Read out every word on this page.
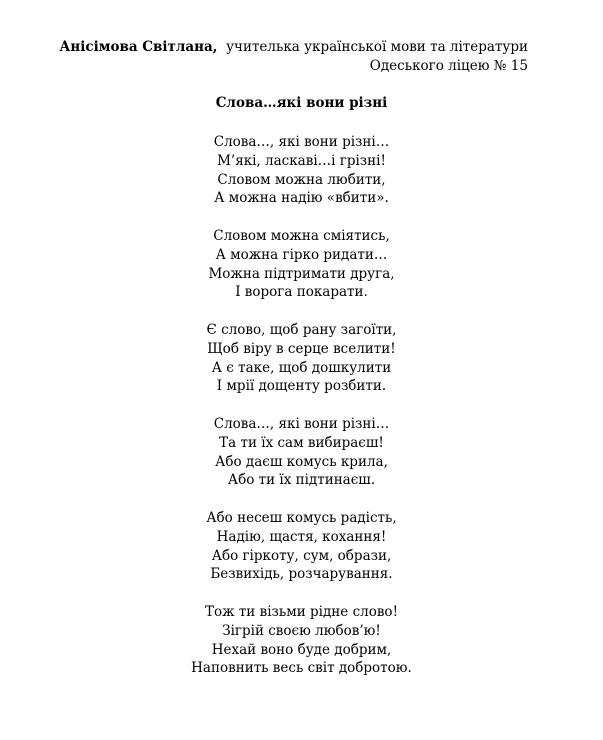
Анісімова Світлана, учителька української мови та літератури
Одеського ліцею № 15
Слова…які вони різні
Слова…, які вони різні…
М’які, ласкаві…і грізні!
Словом можна любити,
А можна надію «вбити».
Словом можна сміятись,
А можна гірко ридати…
Можна підтримати друга,
І ворога покарати.
Є слово, щоб рану загоїти,
Щоб віру в серце вселити!
А є таке, щоб дошкулити
І мрії дощенту розбити.
Слова…, які вони різні…
Та ти їх сам вибираєш!
Або даєш комусь крила,
Або ти їх підтинаєш.
Або несеш комусь радість,
Надію, щастя, кохання!
Або гіркоту, сум, образи,
Безвихідь, розчарування.
Тож ти візьми рідне слово!
Зігрій своєю любов’ю!
Нехай воно буде добрим,
Наповнить весь світ добротою.
